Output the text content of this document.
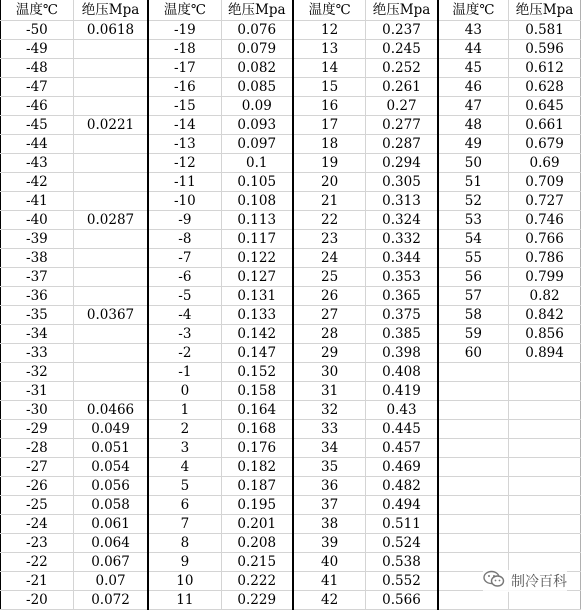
温度℃	绝压Mpa	温度℃	绝压Mpa	温度℃	绝压Mpa	温度℃	绝压Mpa
-50	0.0618	-19	0.076	12	0.237	43	0.581
-49		-18	0.079	13	0.245	44	0.596
-48		-17	0.082	14	0.252	45	0.612
-47		-16	0.085	15	0.261	46	0.628
-46		-15	0.09	16	0.27	47	0.645
-45	0.0221	-14	0.093	17	0.277	48	0.661
-44		-13	0.097	18	0.287	49	0.679
-43		-12	0.1	19	0.294	50	0.69
-42		-11	0.105	20	0.305	51	0.709
-41		-10	0.108	21	0.313	52	0.727
-40	0.0287	-9	0.113	22	0.324	53	0.746
-39		-8	0.117	23	0.332	54	0.766
-38		-7	0.122	24	0.344	55	0.786
-37		-6	0.127	25	0.353	56	0.799
-36		-5	0.131	26	0.365	57	0.82
-35	0.0367	-4	0.133	27	0.375	58	0.842
-34		-3	0.142	28	0.385	59	0.856
-33		-2	0.147	29	0.398	60	0.894
-32		-1	0.152	30	0.408		
-31		0	0.158	31	0.419		
-30	0.0466	1	0.164	32	0.43		
-29	0.049	2	0.168	33	0.445		
-28	0.051	3	0.176	34	0.457		
-27	0.054	4	0.182	35	0.469		
-26	0.056	5	0.187	36	0.482		
-25	0.058	6	0.195	37	0.494		
-24	0.061	7	0.201	38	0.511		
-23	0.064	8	0.208	39	0.524		
-22	0.067	9	0.215	40	0.538		
-21	0.07	10	0.222	41	0.552		
-20	0.072	11	0.229	42	0.566		
制冷百科
